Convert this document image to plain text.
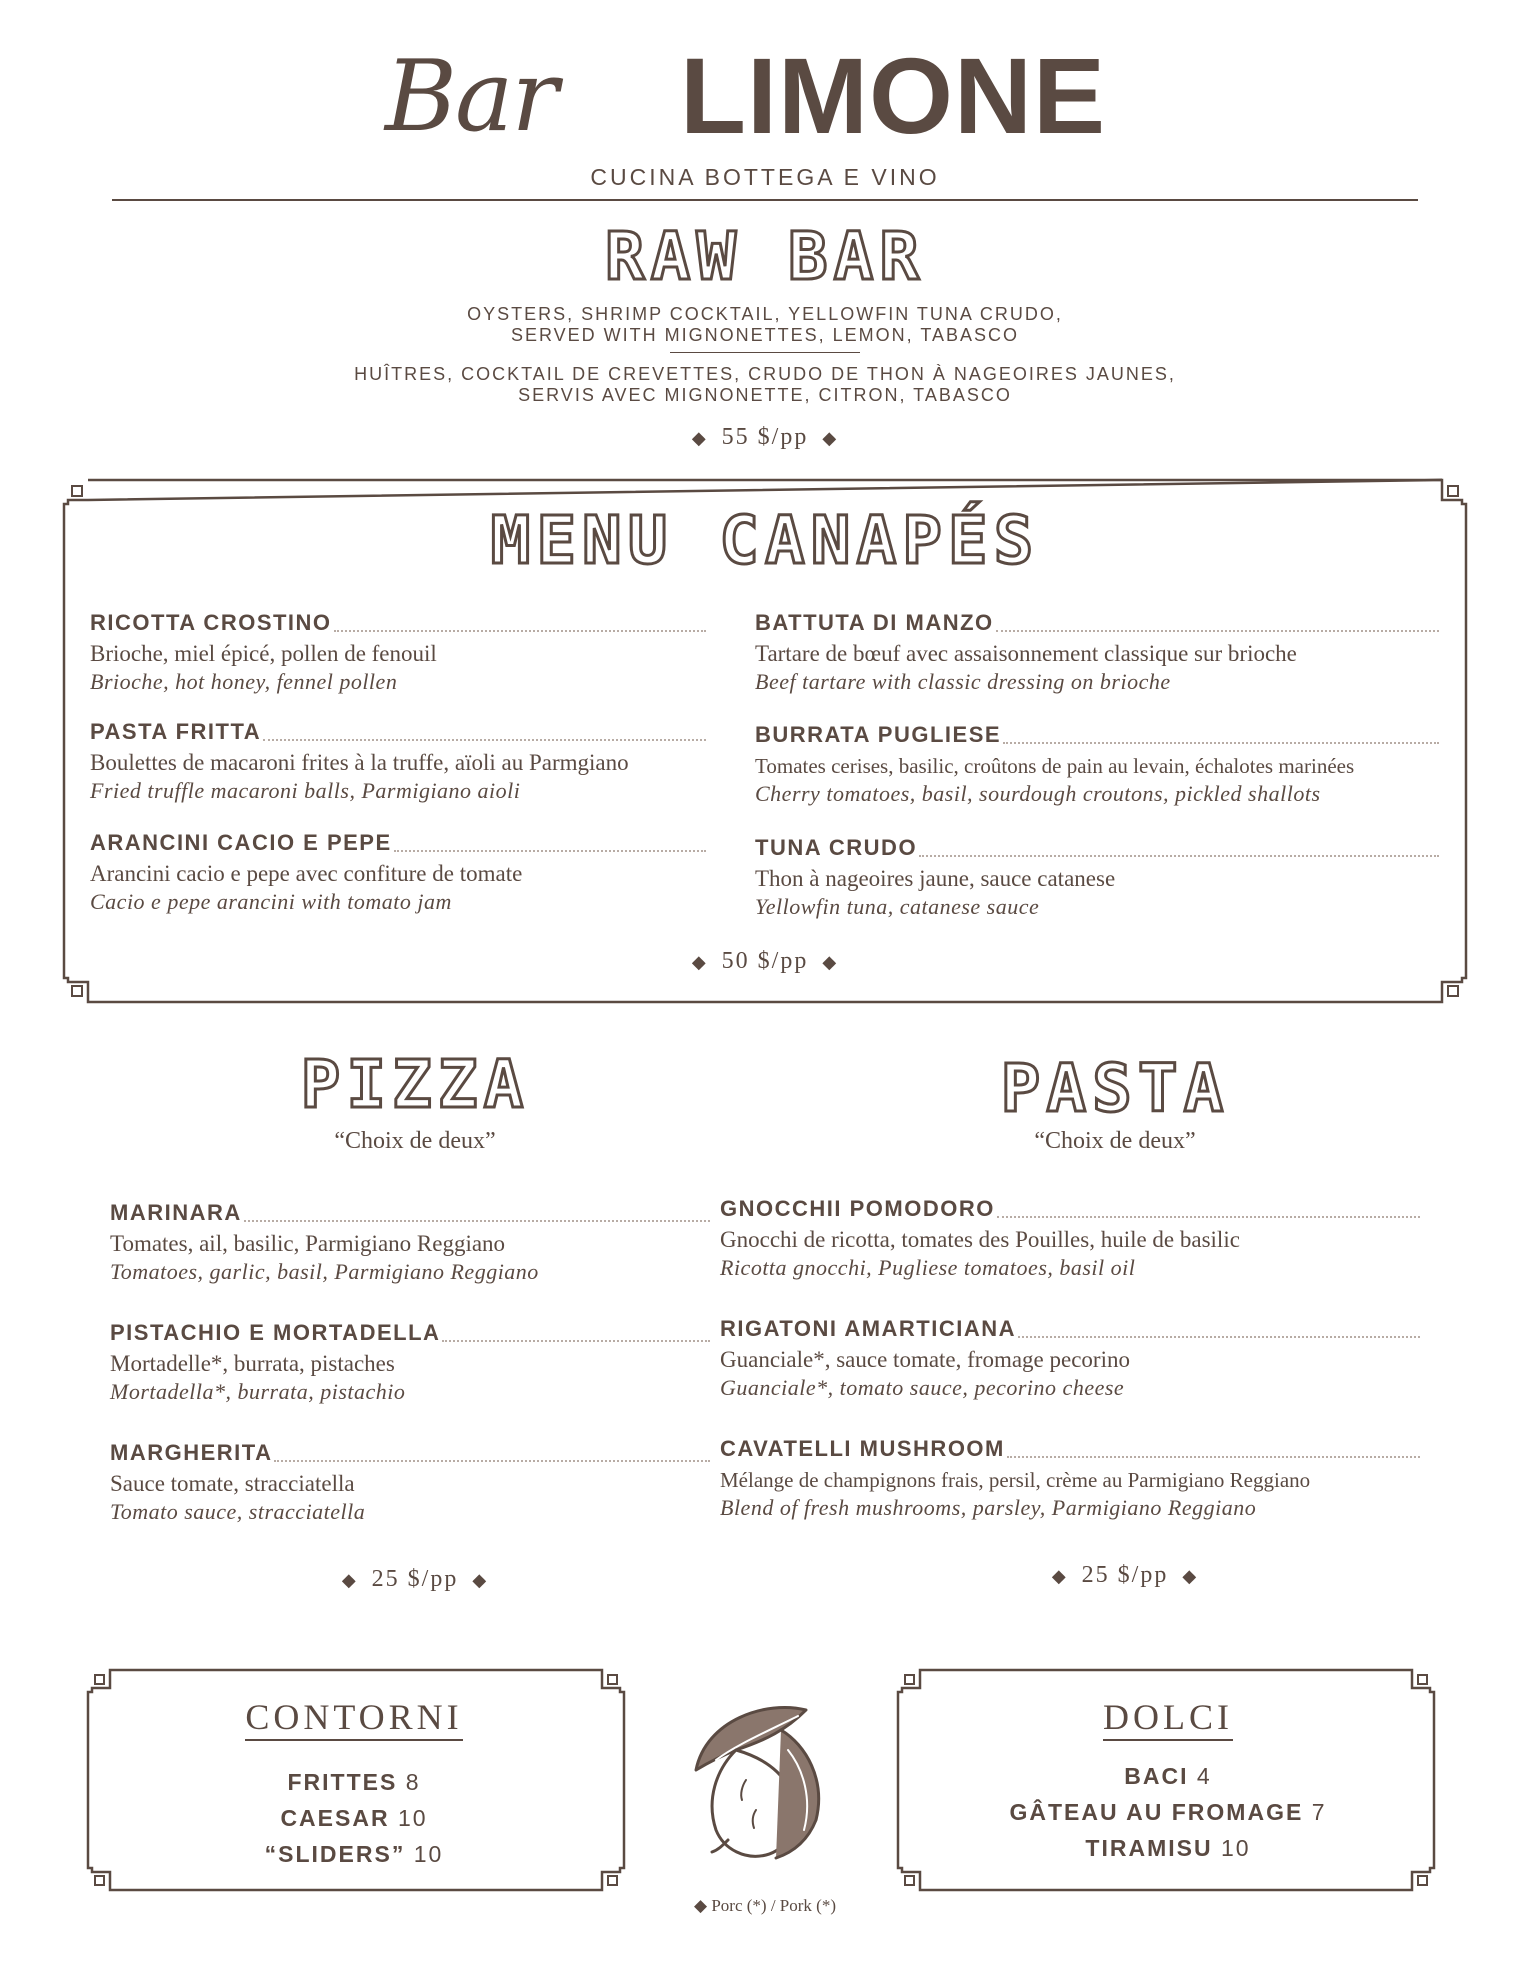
Bar LIMONE
CUCINA BOTTEGA E VINO
RAW BAR
OYSTERS, SHRIMP COCKTAIL, YELLOWFIN TUNA CRUDO,
SERVED WITH MIGNONETTES, LEMON, TABASCO
HUÎTRES, COCKTAIL DE CREVETTES, CRUDO DE THON À NAGEOIRES JAUNES,
SERVIS AVEC MIGNONETTE, CITRON, TABASCO
◆ 55 $/pp ◆
MENU CANAPÉS
RICOTTA CROSTINO
Brioche, miel épicé, pollen de fenouil
Brioche, hot honey, fennel pollen
PASTA FRITTA
Boulettes de macaroni frites à la truffe, aïoli au Parmgiano
Fried truffle macaroni balls, Parmigiano aioli
ARANCINI CACIO E PEPE
Arancini cacio e pepe avec confiture de tomate
Cacio e pepe arancini with tomato jam
BATTUTA DI MANZO
Tartare de bœuf avec assaisonnement classique sur brioche
Beef tartare with classic dressing on brioche
BURRATA PUGLIESE
Tomates cerises, basilic, croûtons de pain au levain, échalotes marinées
Cherry tomatoes, basil, sourdough croutons, pickled shallots
TUNA CRUDO
Thon à nageoires jaune, sauce catanese
Yellowfin tuna, catanese sauce
◆ 50 $/pp ◆
PIZZA
“Choix de deux”
MARINARA
Tomates, ail, basilic, Parmigiano Reggiano
Tomatoes, garlic, basil, Parmigiano Reggiano
PISTACHIO E MORTADELLA
Mortadelle*, burrata, pistaches
Mortadella*, burrata, pistachio
MARGHERITA
Sauce tomate, stracciatella
Tomato sauce, stracciatella
◆ 25 $/pp ◆
PASTA
“Choix de deux”
GNOCCHII POMODORO
Gnocchi de ricotta, tomates des Pouilles, huile de basilic
Ricotta gnocchi, Pugliese tomatoes, basil oil
RIGATONI AMARTICIANA
Guanciale*, sauce tomate, fromage pecorino
Guanciale*, tomato sauce, pecorino cheese
CAVATELLI MUSHROOM
Mélange de champignons frais, persil, crème au Parmigiano Reggiano
Blend of fresh mushrooms, parsley, Parmigiano Reggiano
◆ 25 $/pp ◆
CONTORNI
FRITTES 8
CAESAR 10
“SLIDERS” 10
DOLCI
BACI 4
GÂTEAU AU FROMAGE 7
TIRAMISU 10
◆ Porc (*) / Pork (*)
